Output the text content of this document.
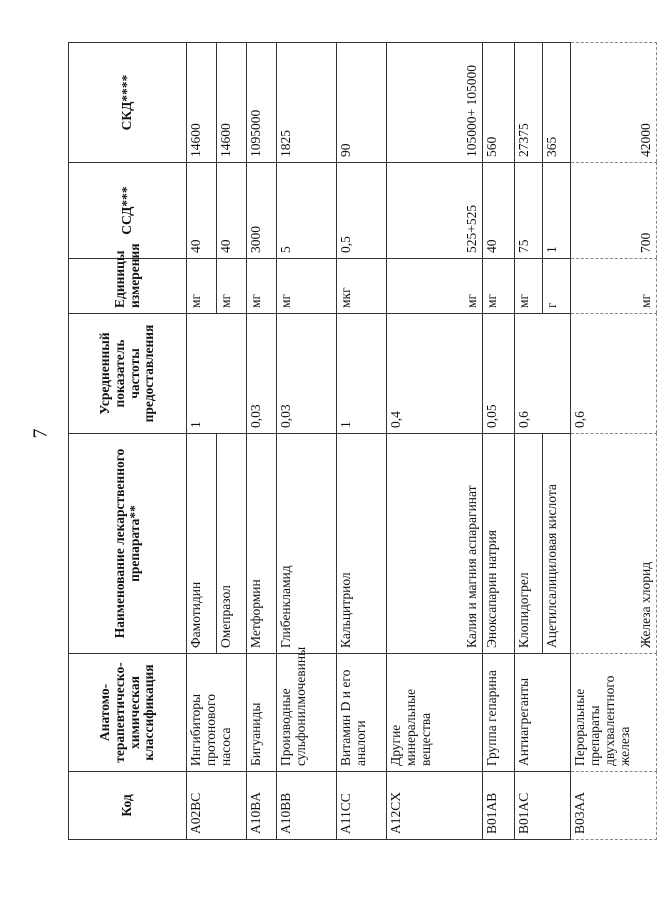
7
Код	Анатомо-терапевтическо-химическая классификация	Наименование лекарственного препарата**	Усредненный показатель частоты предоставления	Единицы измерения	ССД***	СКД****
A02BC	Ингибиторы протонового насоса	Фамотидин	1	мг	40	14600
		Омепразол		мг	40	14600
A10BA	Бигуаниды	Метформин	0,03	мг	3000	1095000
A10BB	Производные сульфонилмочевины	Глибенкламид	0,03	мг	5	1825
A11CC	Витамин D и его аналоги	Кальцитриол	1	мкг	0,5	90
A12CX	Другие минеральные вещества	Калия и магния аспарагинат	0,4	мг	525+525	105000+ 105000
B01AB	Группа гепарина	Эноксапарин натрия	0,05	мг	40	560
B01AC	Антиагреганты	Клопидогрел	0,6	мг	75	27375
		Ацетилсалициловая кислота		г	1	365
B03AA	Пероральные препараты двухвалентного железа	Железа хлорид	0,6	мг	700	42000
